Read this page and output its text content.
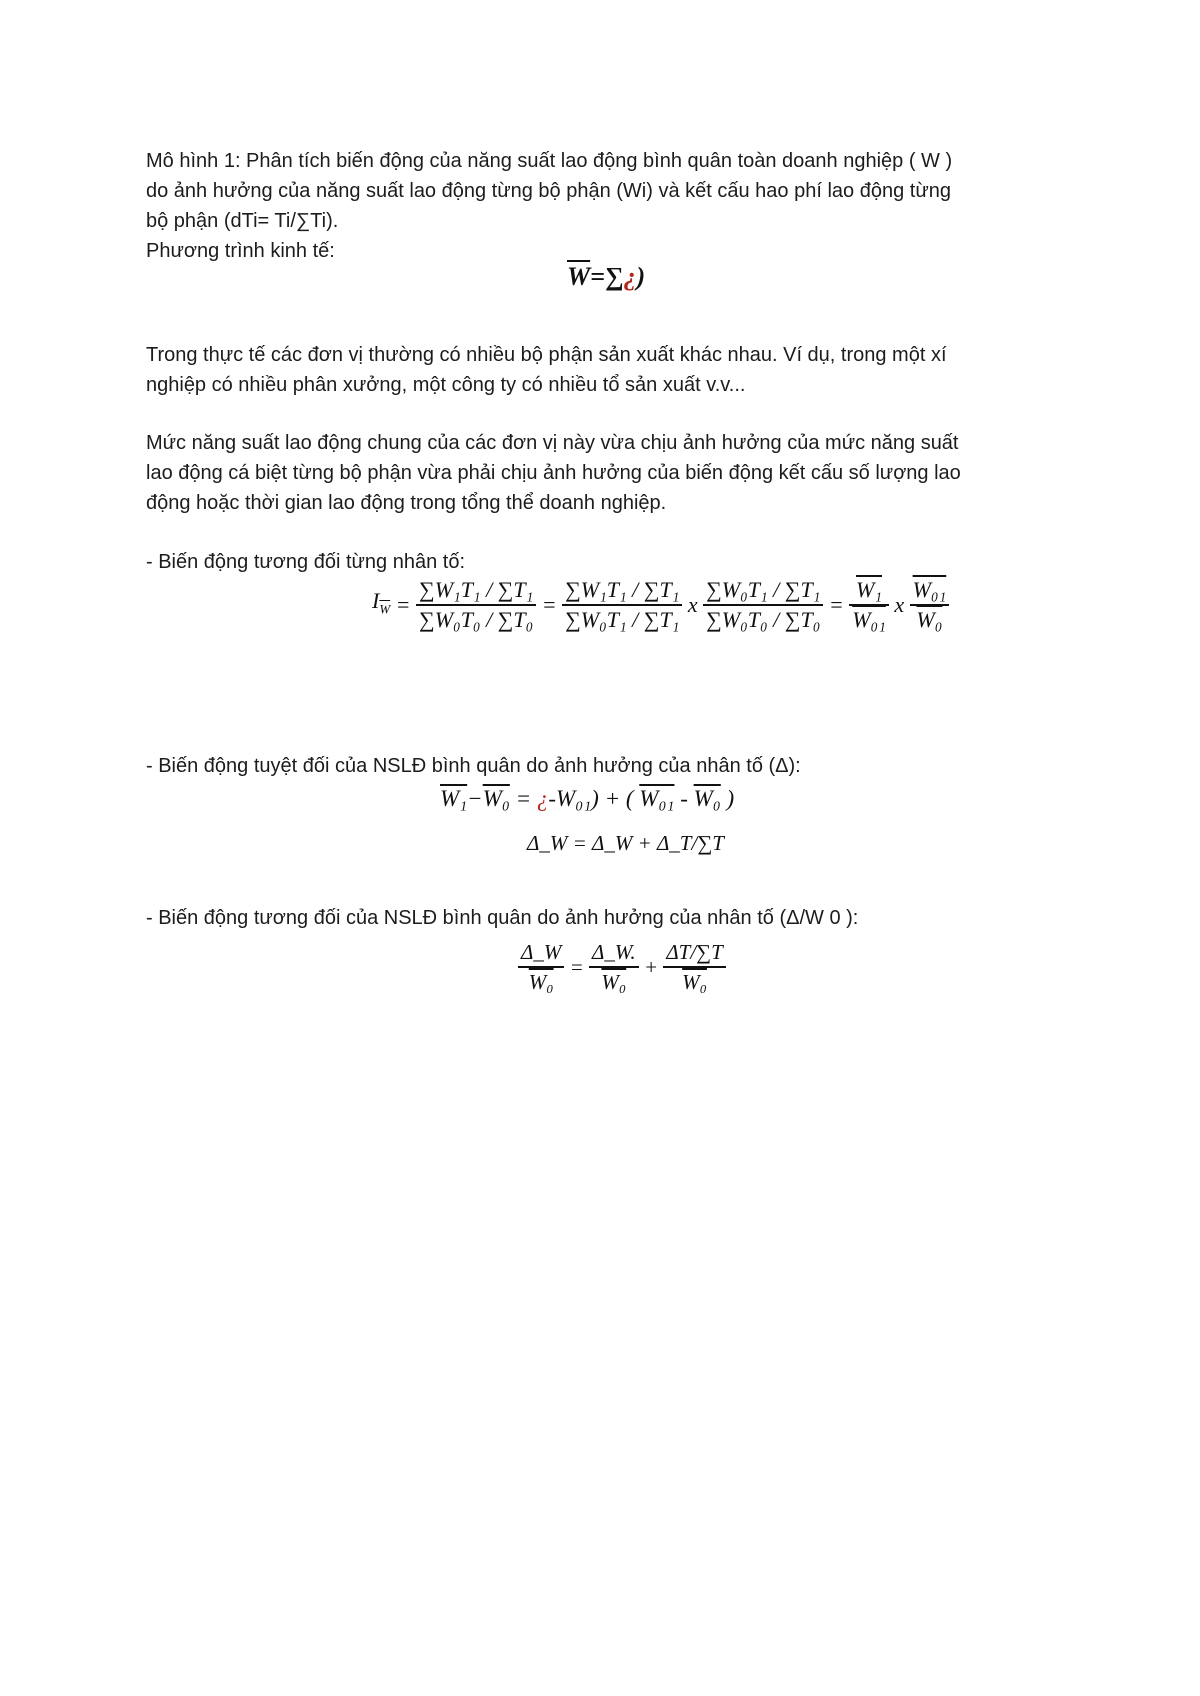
Mô hình 1: Phân tích biến động của năng suất lao động bình quân toàn doanh nghiệp ( W )

do ảnh hưởng của năng suất lao động từng bộ phận (Wi) và kết cấu hao phí lao động từng

bộ phận (dTi= Ti/∑Ti).

Phương trình kinh tế:

$\overline{W}=\sum¿$)

Trong thực tế các đơn vị thường có nhiều bộ phận sản xuất khác nhau. Ví dụ, trong một xí

nghiệp có nhiều phân xưởng, một công ty có nhiều tổ sản xuất v.v...

Mức năng suất lao động chung của các đơn vị này vừa chịu ảnh hưởng của mức năng suất

lao động cá biệt từng bộ phận vừa phải chịu ảnh hưởng của biến động kết cấu số lượng lao

động hoặc thời gian lao động trong tổng thể doanh nghiệp.

- Biến động tương đối từng nhân tố:

$I_{\overline{W}} = \frac{\text{∑W₁T₁ / ∑T₁}}{\text{∑W₀T₀ / ∑T₀}} = \frac{\text{∑W₁T₁ / ∑T₁}}{\text{∑W₀T₁ / ∑T₁}}$ x $\frac{\text{∑W₀T₁ / ∑T₁}}{\text{∑W₀T₀ / ∑T₀}} = \frac{\text{W₁}}{\text{W₀₁}}$ x $\frac{\text{W₀₁}}{\text{W₀}}$

- Biến động tuyệt đối của NSLĐ bình quân do ảnh hưởng của nhân tố (Δ):

W₁−W₀ = ¿-W₀₁) + ( W₀₁ - W₀ )
Δ_W = Δ_W + Δ_T/∑T

- Biến động tương đối của NSLĐ bình quân do ảnh hưởng của nhân tố (Δ/W 0 ):

$\frac{\Delta\_W}{\text{W₀}} = \frac{\Delta\_W.}{\text{W₀}} + \frac{\Delta T/\sum T}{\text{W₀}}$
